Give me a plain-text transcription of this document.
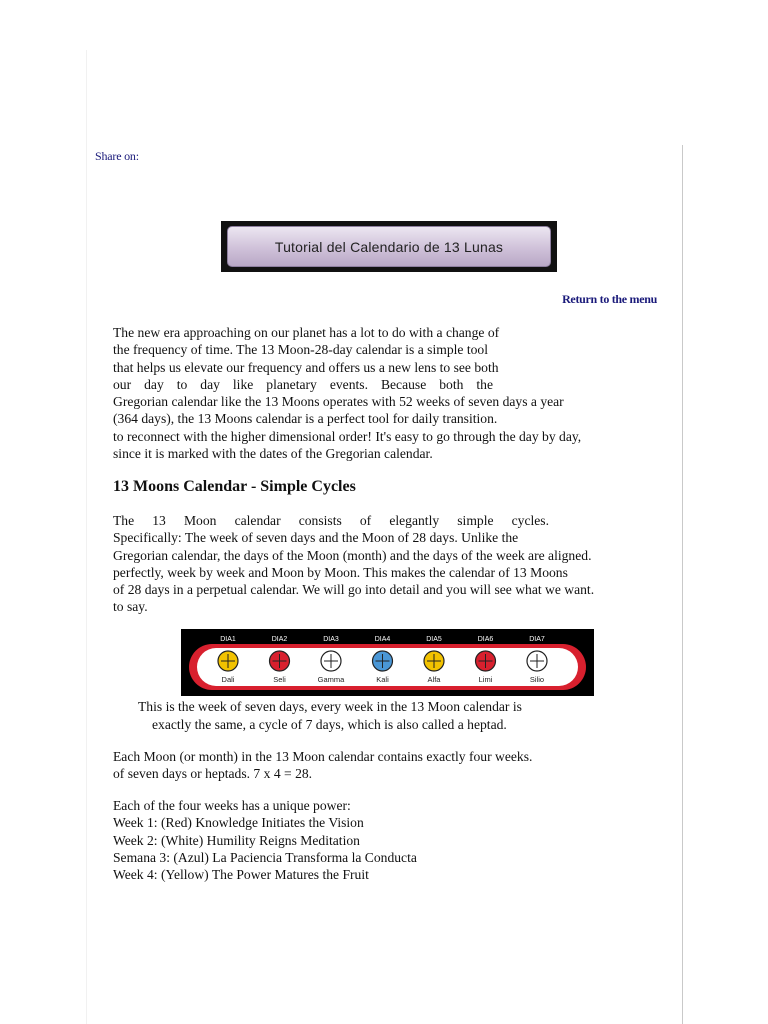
Share on:
Tutorial del Calendario de 13 Lunas
Return to the menu
The new era approaching on our planet has a lot to do with a change of
the frequency of time. The 13 Moon-28-day calendar is a simple tool
that helps us elevate our frequency and offers us a new lens to see both
our day to day like planetary events. Because both the
Gregorian calendar like the 13 Moons operates with 52 weeks of seven days a year
(364 days), the 13 Moons calendar is a perfect tool for daily transition.
to reconnect with the higher dimensional order! It's easy to go through the day by day,
since it is marked with the dates of the Gregorian calendar.
13 Moons Calendar - Simple Cycles
The 13 Moon calendar consists of elegantly simple cycles.
Specifically: The week of seven days and the Moon of 28 days. Unlike the
Gregorian calendar, the days of the Moon (month) and the days of the week are aligned.
perfectly, week by week and Moon by Moon. This makes the calendar of 13 Moons
of 28 days in a perpetual calendar. We will go into detail and you will see what we want.
to say.
DIA1
Dali
DIA2
Seli
DIA3
Gamma
DIA4
Kali
DIA5
Alfa
DIA6
Limi
DIA7
Silio
This is the week of seven days, every week in the 13 Moon calendar is
exactly the same, a cycle of 7 days, which is also called a heptad.
Each Moon (or month) in the 13 Moon calendar contains exactly four weeks.
of seven days or heptads. 7 x 4 = 28.
Each of the four weeks has a unique power:
Week 1: (Red) Knowledge Initiates the Vision
Week 2: (White) Humility Reigns Meditation
Semana 3: (Azul) La Paciencia Transforma la Conducta
Week 4: (Yellow) The Power Matures the Fruit
